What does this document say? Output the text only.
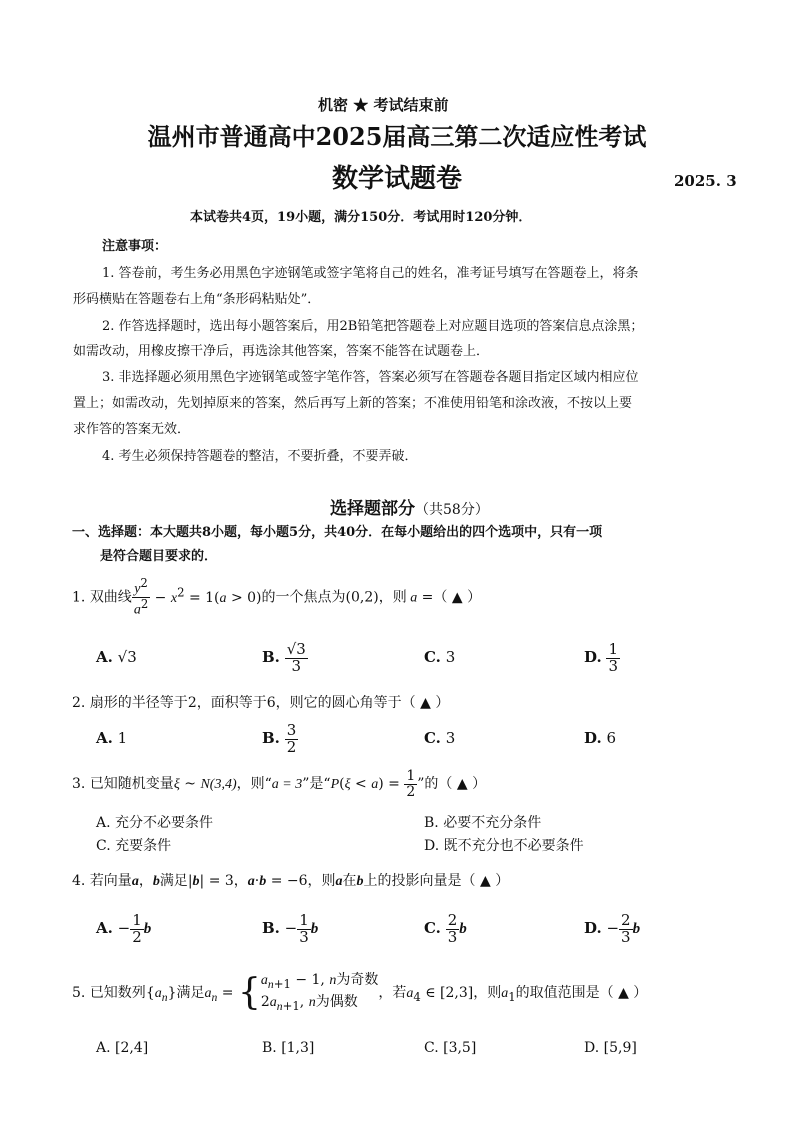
机密 ★ 考试结束前
温州市普通高中2025届高三第二次适应性考试
数学试题卷	2025. 3
本试卷共4页，19小题，满分150分．考试用时120分钟．
注意事项：
1. 答卷前，考生务必用黑色字迹钢笔或签字笔将自己的姓名，准考证号填写在答题卷上，将条
形码横贴在答题卷右上角“条形码粘贴处”．
2. 作答选择题时，选出每小题答案后，用2B铅笔把答题卷上对应题目选项的答案信息点涂黑；
如需改动，用橡皮擦干净后，再选涂其他答案，答案不能答在试题卷上．
3. 非选择题必须用黑色字迹钢笔或签字笔作答，答案必须写在答题卷各题目指定区域内相应位
置上；如需改动，先划掉原来的答案，然后再写上新的答案；不准使用铅笔和涂改液，不按以上要
求作答的答案无效．
4. 考生必须保持答题卷的整洁，不要折叠，不要弄破．
选择题部分（共58分）
一、选择题：本大题共8小题，每小题5分，共40分．在每小题给出的四个选项中，只有一项
是符合题目要求的．
1. 双曲线 $\frac{y^2}{a^2} - x^2 = 1(a > 0)$的一个焦点为(0,2)，则 a =（ ▲ ）
A. √3	B. $\frac{√3}{3}$	C. 3	D. $\frac{1}{3}$
2. 扇形的半径等于2，面积等于6，则它的圆心角等于（ ▲ ）
A. 1	B. $\frac{3}{2}$	C. 3	D. 6
3. 已知随机变量ξ ~ N(3,4)，则“a = 3”是“$P(\xi < a) = \frac{1}{2}$ ”的（ ▲ ）
A. 充分不必要条件	B. 必要不充分条件
C. 充要条件	D. 既不充分也不必要条件
4. 若向量a，b满足|b| = 3，a·b = −6，则a在b上的投影向量是（ ▲ ）
A. − $\frac{1}{2}$ b	B. − $\frac{1}{3}$ b	C. $\frac{2}{3}$ b	D. − $\frac{2}{3}$ b
5. 已知数列$\{a_n\}$满足$a_n$ = { $a_{n+1} - 1$, n为奇数
$2a_{n+1}$, n为偶数
，若$a_4$ ∈ [2,3]，则$a_1$的取值范围是（ ▲ ）
A. [2,4]	B. [1,3]	C. [3,5]	D. [5,9]
